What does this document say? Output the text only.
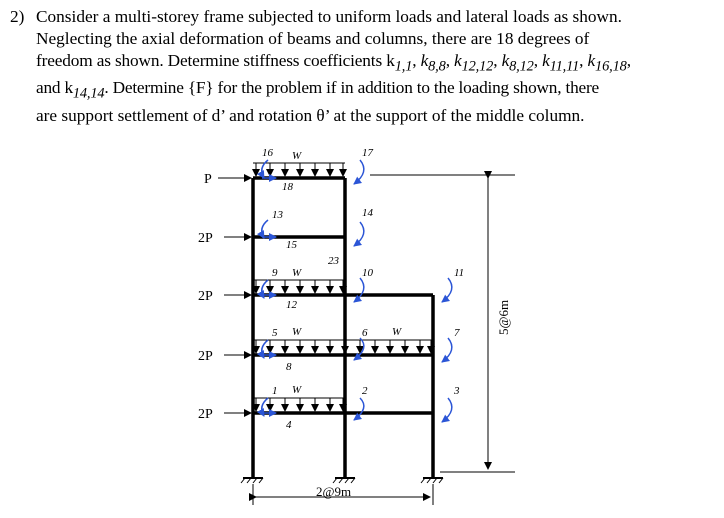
2) Consider a multi-storey frame subjected to uniform loads and lateral loads as shown.
Neglecting the axial deformation of beams and columns, there are 18 degrees of
freedom as shown. Determine stiffness coefficients $k_{1,1}$, $k_{8,8}$, $k_{12,12}$, $k_{8,12}$, $k_{11,11}$, $k_{16,18}$,
and $k_{14,14}$. Determine {F} for the problem if in addition to the loading shown, there
are support settlement of d’ and rotation θ’ at the support of the middle column.
W
W
W	W
W
P
2P
2P
2P
2P
16	17
18
13	14
15
23
9	10	11
12
5	6	7
8
1	2	3
4
5@6m
2@9m
